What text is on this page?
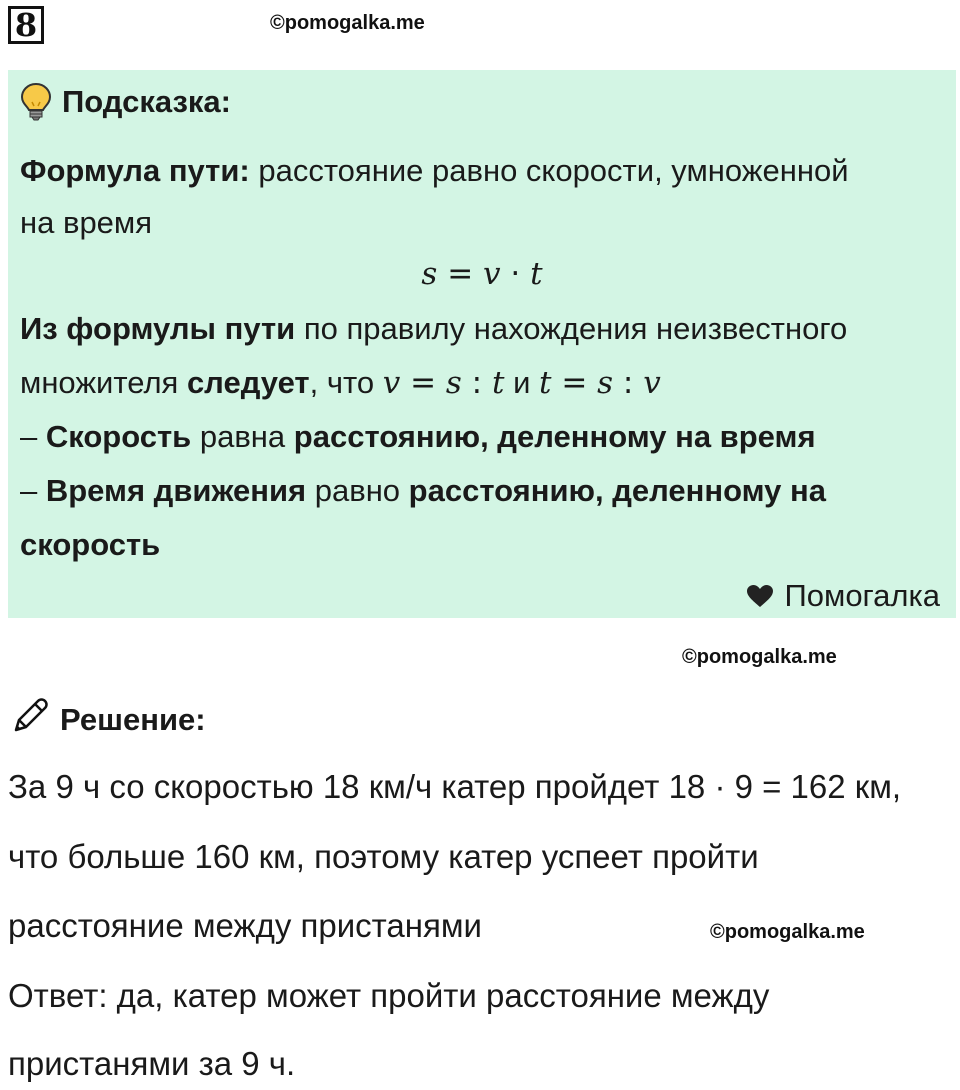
8	©pomogalka.me
Подсказка:
Формула пути: расстояние равно скорости, умноженной
на время
s = v · t
Из формулы пути по правилу нахождения неизвестного
множителя следует, что v = s : t и t = s : v
– Скорость равна расстоянию, деленному на время
– Время движения равно расстоянию, деленному на
скорость
Помогалка
©pomogalka.me
Решение:
За 9 ч со скоростью 18 км/ч катер пройдет 18 · 9 = 162 км,
что больше 160 км, поэтому катер успеет пройти
расстояние между пристанями	©pomogalka.me
Ответ: да, катер может пройти расстояние между
пристанями за 9 ч.
